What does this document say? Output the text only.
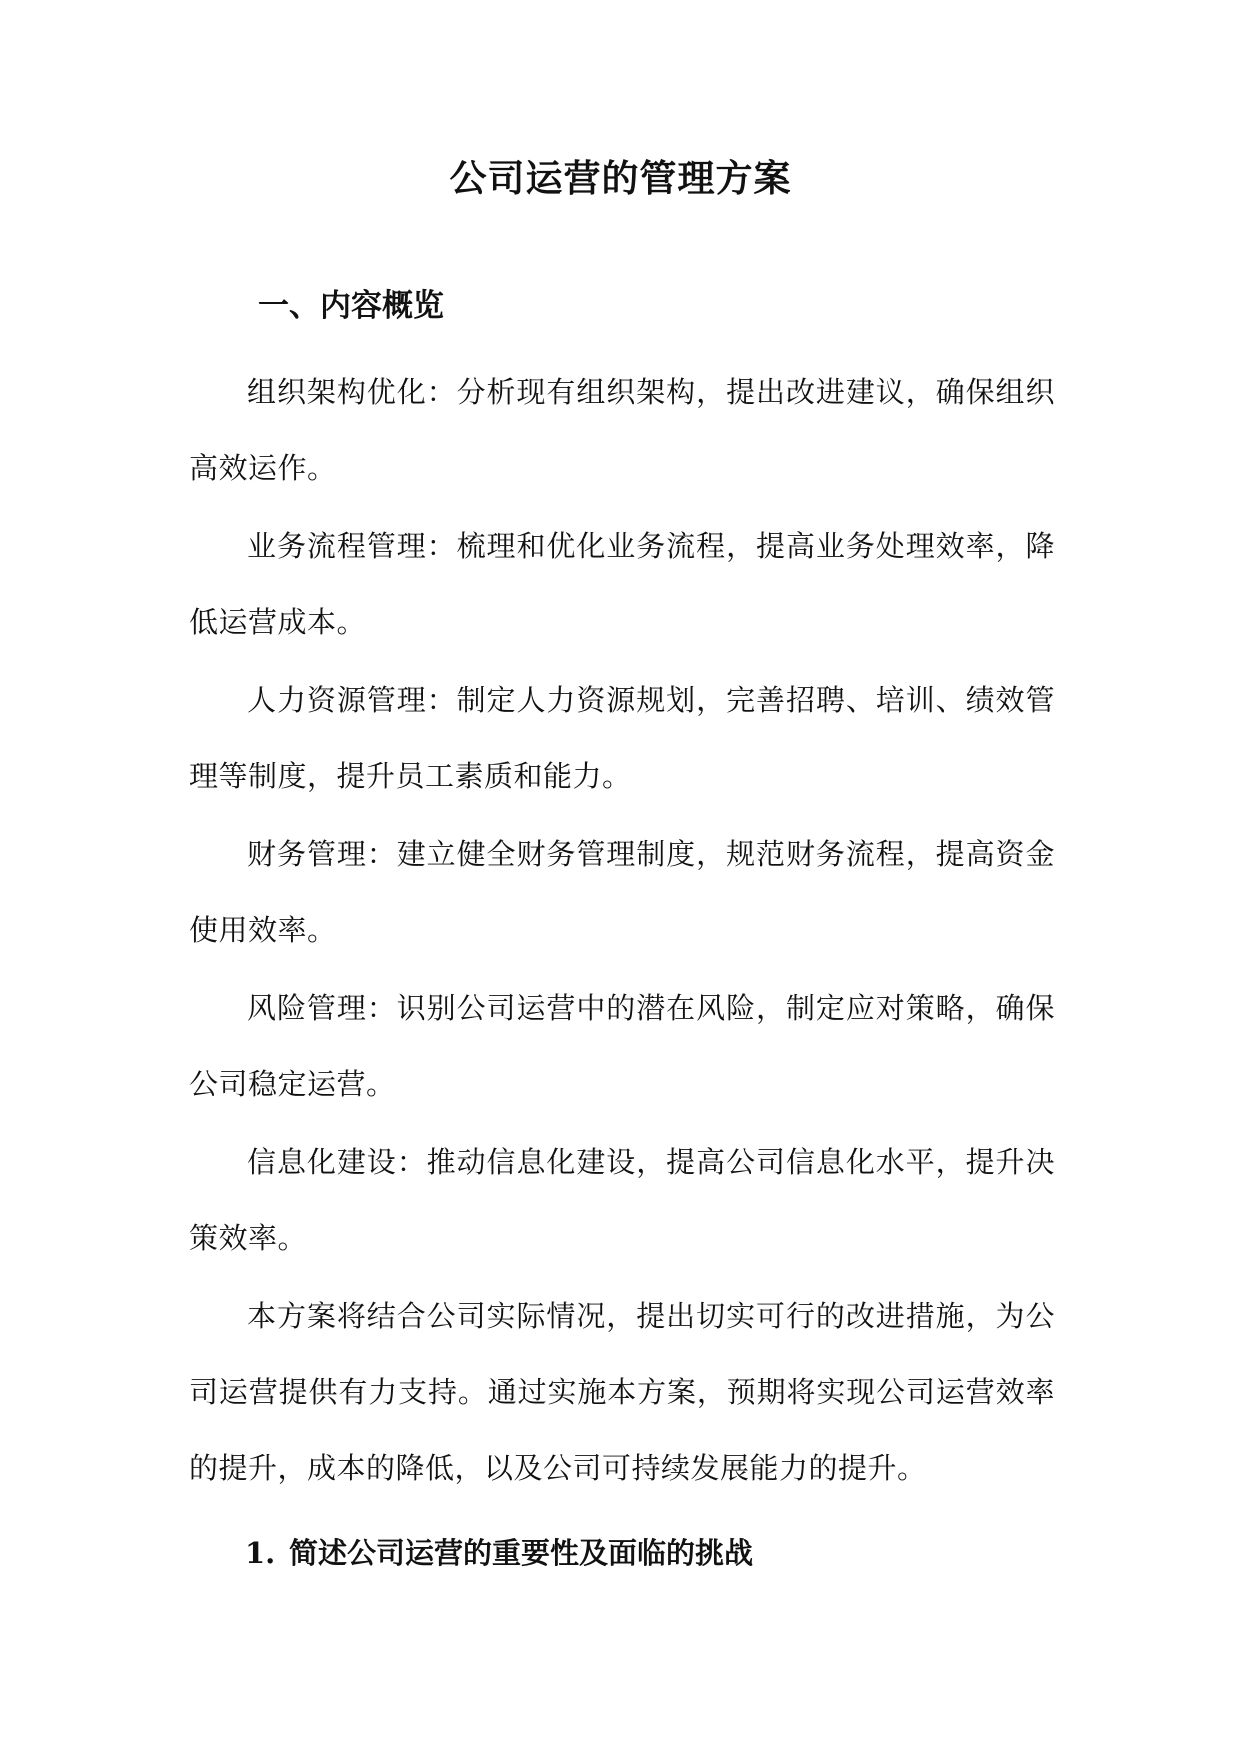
公司运营的管理方案
一、内容概览

组织架构优化：分析现有组织架构，提出改进建议，确保组织高效运作。

业务流程管理：梳理和优化业务流程，提高业务处理效率，降低运营成本。

人力资源管理：制定人力资源规划，完善招聘、培训、绩效管理等制度，提升员工素质和能力。

财务管理：建立健全财务管理制度，规范财务流程，提高资金使用效率。

风险管理：识别公司运营中的潜在风险，制定应对策略，确保公司稳定运营。

信息化建设：推动信息化建设，提高公司信息化水平，提升决策效率。

本方案将结合公司实际情况，提出切实可行的改进措施，为公司运营提供有力支持。通过实施本方案，预期将实现公司运营效率的提升，成本的降低，以及公司可持续发展能力的提升。

1. 简述公司运营的重要性及面临的挑战
